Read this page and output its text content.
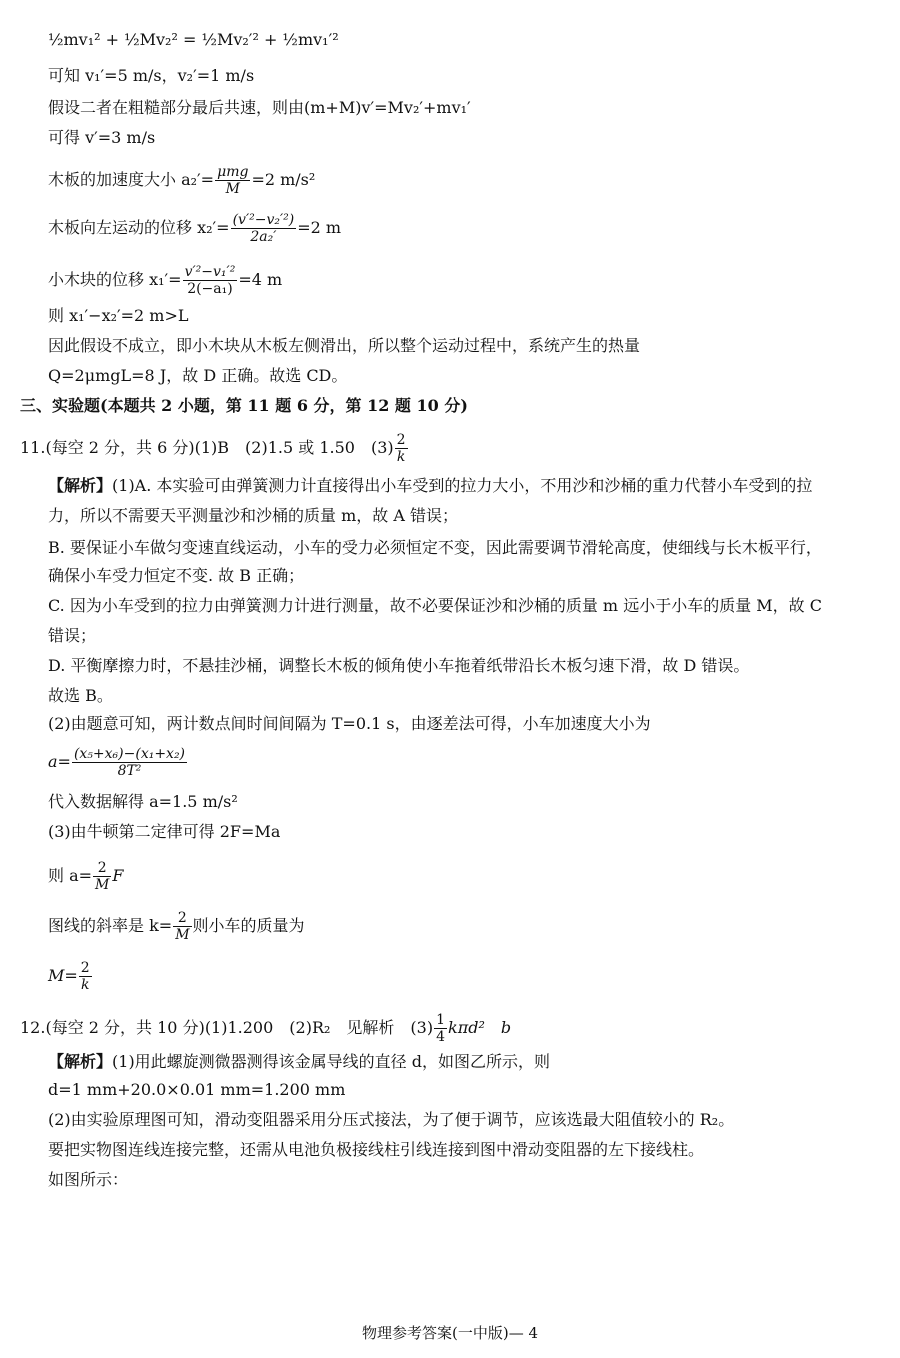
½mv₁² + ½Mv₂² = ½Mv₂′² + ½mv₁′²
可知 v₁′=5 m/s，v₂′=1 m/s
假设二者在粗糙部分最后共速，则由(m+M)v′=Mv₂′+mv₁′
可得 v′=3 m/s
木板的加速度大小 $a_2'= \frac{\text{μmg}}{M} =2$ m/s²
木板向左运动的位移 $x_2'= \frac{\text{(v′²−v₂′²)}}{\text{2a₂′}} =2$ m
小木块的位移 $x_1'= \frac{\text{v′²−v₁′²}}{\text{2(−a₁)}} =4$ m
则 x₁′−x₂′=2 m>L
因此假设不成立，即小木块从木板左侧滑出，所以整个运动过程中，系统产生的热量
Q=2μmgL=8 J，故 D 正确。故选 CD。
三、实验题(本题共 2 小题，第 11 题 6 分，第 12 题 10 分)
11.(每空 2 分，共 6 分)(1)B　(2)1.5 或 1.50　$(3) \frac{2}{k}$
【解析】(1)A. 本实验可由弹簧测力计直接得出小车受到的拉力大小，不用沙和沙桶的重力代替小车受到的拉
力，所以不需要天平测量沙和沙桶的质量 m，故 A 错误；
B. 要保证小车做匀变速直线运动，小车的受力必须恒定不变，因此需要调节滑轮高度，使细线与长木板平行，
确保小车受力恒定不变. 故 B 正确；
C. 因为小车受到的拉力由弹簧测力计进行测量，故不必要保证沙和沙桶的质量 m 远小于小车的质量 M，故 C
错误；
D. 平衡摩擦力时，不悬挂沙桶，调整长木板的倾角使小车拖着纸带沿长木板匀速下滑，故 D 错误。
故选 B。
(2)由题意可知，两计数点间时间间隔为 T=0.1 s，由逐差法可得，小车加速度大小为
$a= \frac{\text{(x₅+x₆)−(x₁+x₂)}}{\text{8T²}}$
代入数据解得 a=1.5 m/s²
(3)由牛顿第二定律可得 2F=Ma
则 $a= \frac{2}{M}$ F
图线的斜率是 $k= \frac{2}{M}$ 则小车的质量为
$M= \frac{2}{k}$
12.(每空 2 分，共 10 分)(1)1.200　(2)R₂　见解析　$(3) \frac{1}{4} k\pi d^2$　b
【解析】(1)用此螺旋测微器测得该金属导线的直径 d，如图乙所示，则
d=1 mm+20.0×0.01 mm=1.200 mm
(2)由实验原理图可知，滑动变阻器采用分压式接法，为了便于调节，应该选最大阻值较小的 R₂。
要把实物图连线连接完整，还需从电池负极接线柱引线连接到图中滑动变阻器的左下接线柱。
如图所示：
物理参考答案(一中版)— 4
